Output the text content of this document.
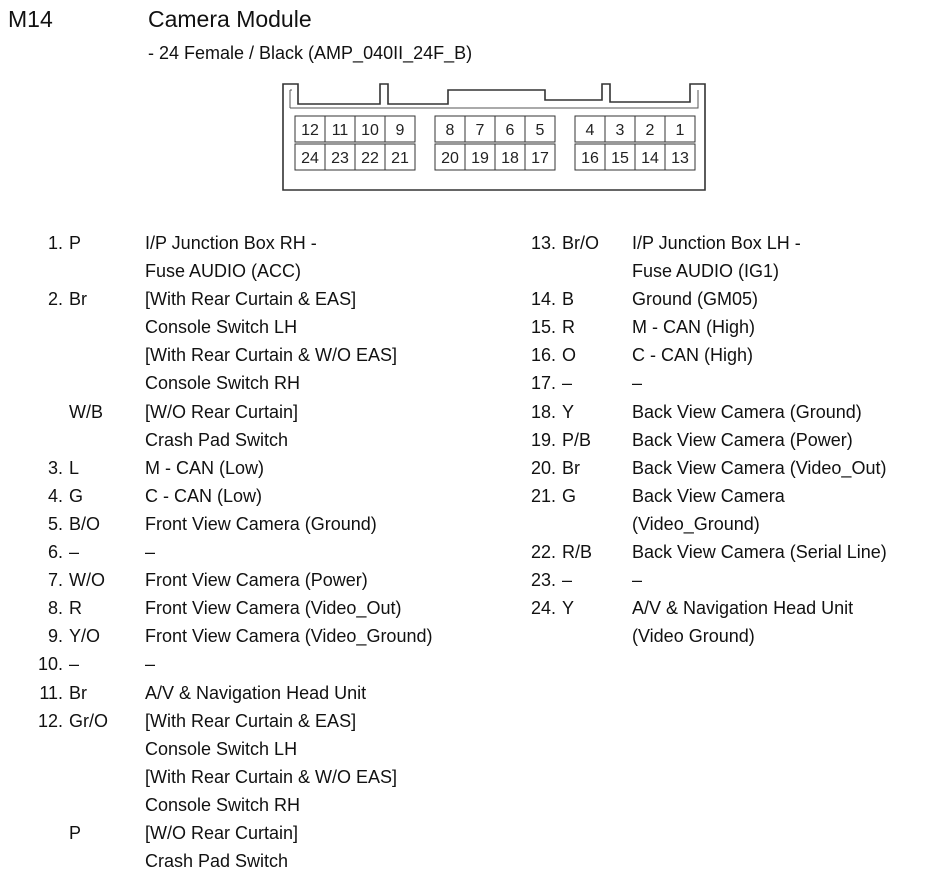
M14	Camera Module
- 24 Female / Black (AMP_040II_24F_B)
12 11 10 9	8 7 6 5	4 3 2 1
24 23 22 21 20 19 18 17 16 15 14 13
1. P	I/P Junction Box RH -
Fuse AUDIO (ACC)
2. Br	[With Rear Curtain & EAS]
Console Switch LH
[With Rear Curtain & W/O EAS]
Console Switch RH
W/B	[W/O Rear Curtain]
Crash Pad Switch
3. L	M - CAN (Low)
4. G	C - CAN (Low)
5. B/O	Front View Camera (Ground)
6. –	–
7. W/O	Front View Camera (Power)
8. R	Front View Camera (Video_Out)
9. Y/O	Front View Camera (Video_Ground)
10. –	–
11. Br	A/V & Navigation Head Unit
12. Gr/O	[With Rear Curtain & EAS]
Console Switch LH
[With Rear Curtain & W/O EAS]
Console Switch RH
P	[W/O Rear Curtain]
Crash Pad Switch
13. Br/O	I/P Junction Box LH -
Fuse AUDIO (IG1)
14. B	Ground (GM05)
15. R	M - CAN (High)
16. O	C - CAN (High)
17. –	–
18. Y	Back View Camera (Ground)
19. P/B	Back View Camera (Power)
20. Br	Back View Camera (Video_Out)
21. G	Back View Camera
(Video_Ground)
22. R/B	Back View Camera (Serial Line)
23. –	–
24. Y	A/V & Navigation Head Unit
(Video Ground)
